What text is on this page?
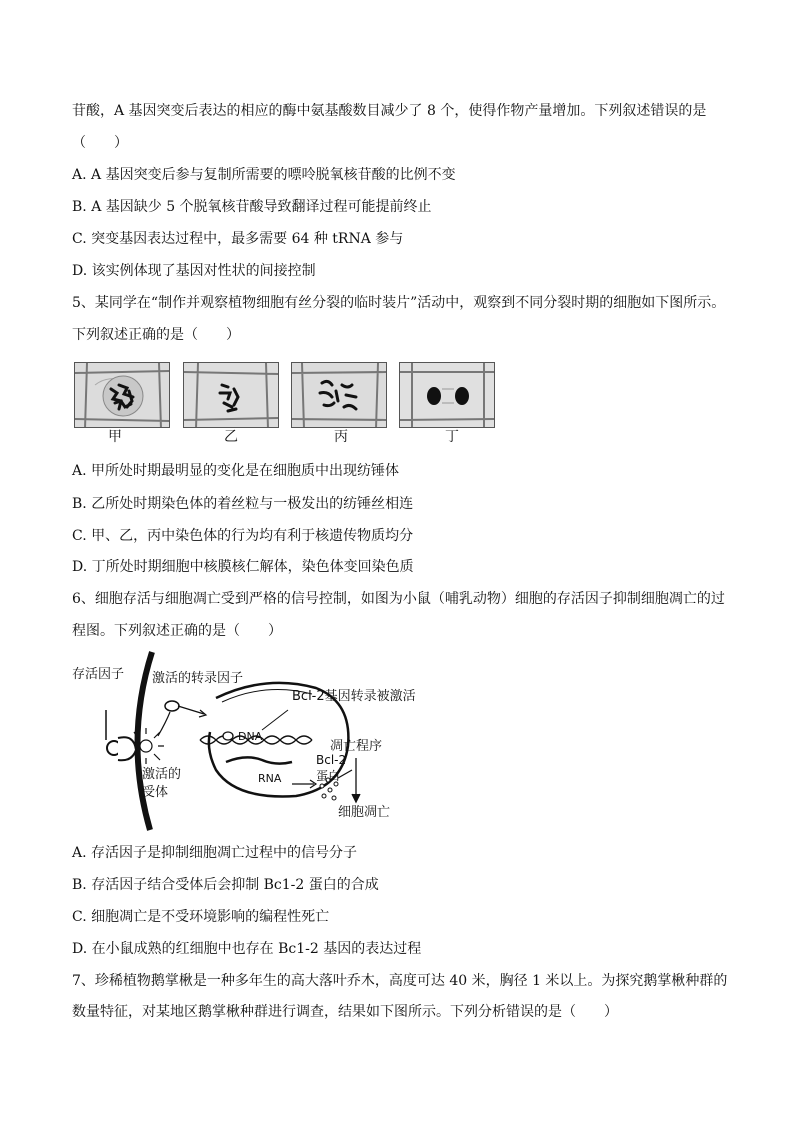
苷酸，A 基因突变后表达的相应的酶中氨基酸数目减少了 8 个，使得作物产量增加。下列叙述错误的是
（　　）
A. A 基因突变后参与复制所需要的嘌呤脱氧核苷酸的比例不变
B. A 基因缺少 5 个脱氧核苷酸导致翻译过程可能提前终止
C. 突变基因表达过程中，最多需要 64 种 tRNA 参与
D. 该实例体现了基因对性状的间接控制
5、某同学在“制作并观察植物细胞有丝分裂的临时装片”活动中，观察到不同分裂时期的细胞如下图所示。
下列叙述正确的是（　　）
甲	乙	丙	丁
A. 甲所处时期最明显的变化是在细胞质中出现纺锤体
B. 乙所处时期染色体的着丝粒与一极发出的纺锤丝相连
C. 甲、乙，丙中染色体的行为均有利于核遗传物质均分
D. 丁所处时期细胞中核膜核仁解体，染色体变回染色质
6、细胞存活与细胞凋亡受到严格的信号控制，如图为小鼠（哺乳动物）细胞的存活因子抑制细胞凋亡的过
程图。下列叙述正确的是（　　）
存活因子 激活的转录因子
Bcl-2基因转录被激活
DNA
RNA
激活的
受体
凋亡程序
Bcl-2
蛋白
细胞凋亡
A. 存活因子是抑制细胞凋亡过程中的信号分子
B. 存活因子结合受体后会抑制 Bc1-2 蛋白的合成
C. 细胞凋亡是不受环境影响的编程性死亡
D. 在小鼠成熟的红细胞中也存在 Bc1-2 基因的表达过程
7、珍稀植物鹅掌楸是一种多年生的高大落叶乔木，高度可达 40 米，胸径 1 米以上。为探究鹅掌楸种群的
数量特征，对某地区鹅掌楸种群进行调查，结果如下图所示。下列分析错误的是（　　）
